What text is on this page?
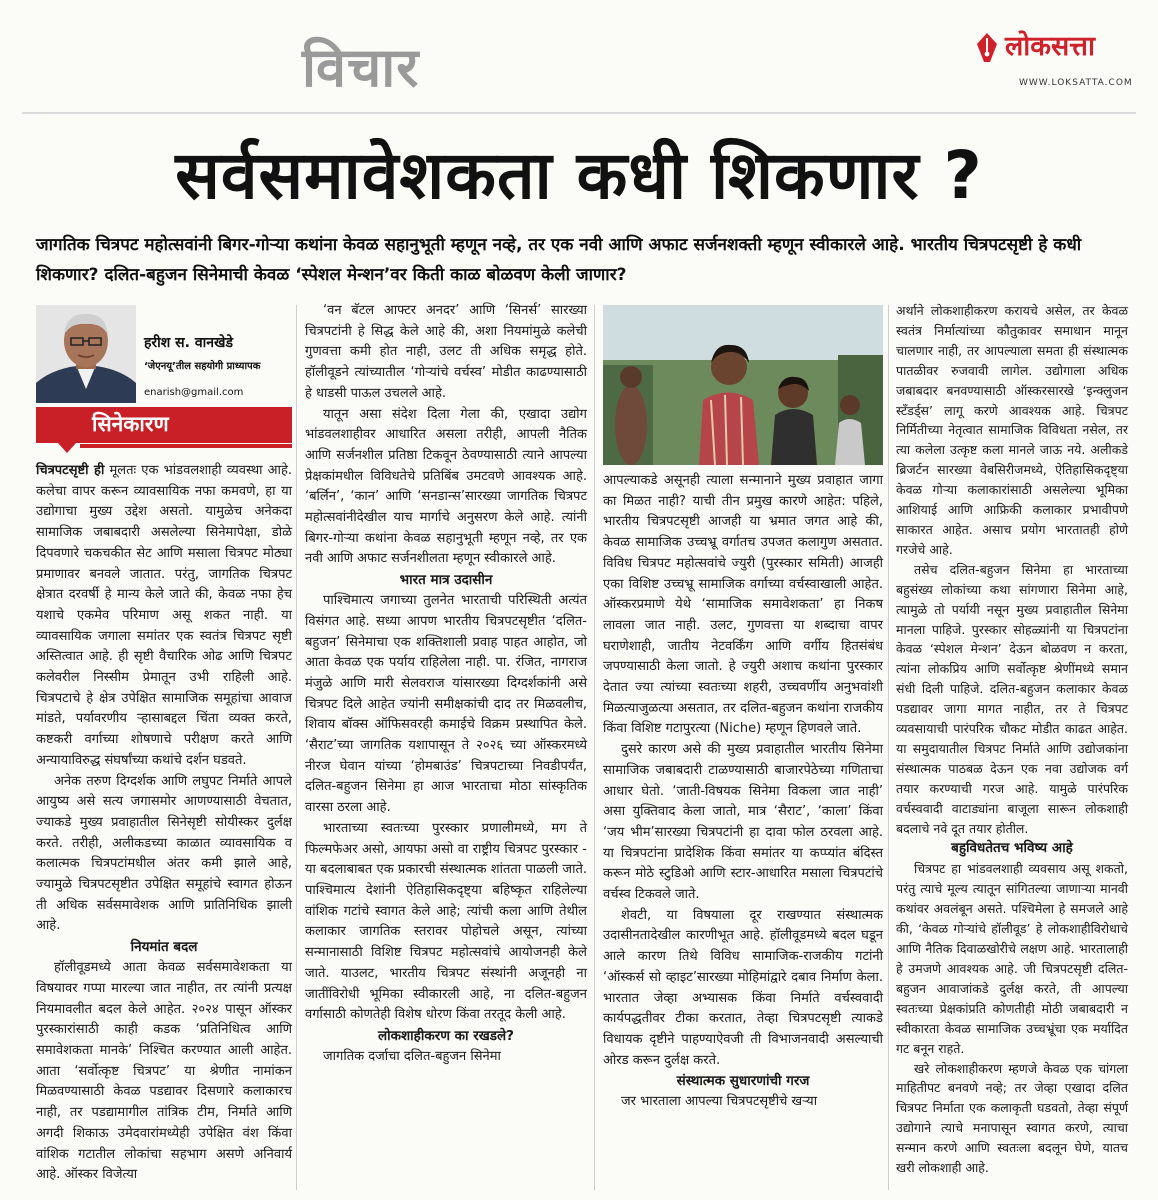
विचार	लोकसत्ता
WWW.LOKSATTA.COM
सर्वसमावेशकता कधी शिकणार ?
जागतिक चित्रपट महोत्सवांनी बिगर-गोऱ्या कथांना केवळ सहानुभूती म्हणून नव्हे, तर एक नवी आणि अफाट सर्जनशक्ती म्हणून स्वीकारले आहे. भारतीय चित्रपटसृष्टी हे कधी शिकणार? दलित-बहुजन सिनेमाची केवळ ‘स्पेशल मेन्शन’वर किती काळ बोळवण केली जाणार?
हरीश स. वानखेडे
‘जेएनयू’तील सहयोगी प्राध्यापक
enarish@gmail.com
सिनेकारण

चित्रपटसृष्टी ही मूलतः एक भांडवलशाही व्यवस्था आहे. कलेचा वापर करून व्यावसायिक नफा कमवणे, हा या उद्योगाचा मुख्य उद्देश असतो. यामुळेच अनेकदा सामाजिक जबाबदारी असलेल्या सिनेमापेक्षा, डोळे दिपवणारे चकचकीत सेट आणि मसाला चित्रपट मोठ्या प्रमाणावर बनवले जातात. परंतु, जागतिक चित्रपट क्षेत्रात दरवर्षी हे मान्य केले जाते की, केवळ नफा हेच यशाचे एकमेव परिमाण असू शकत नाही. या व्यावसायिक जगाला समांतर एक स्वतंत्र चित्रपट सृष्टी अस्तित्वात आहे. ही सृष्टी वैचारिक ओढ आणि चित्रपट कलेवरील निस्सीम प्रेमातून उभी राहिली आहे. चित्रपटाचे हे क्षेत्र उपेक्षित सामाजिक समूहांचा आवाज मांडते, पर्यावरणीय ऱ्हासाबद्दल चिंता व्यक्त करते, कष्टकरी वर्गाच्या शोषणाचे परीक्षण करते आणि अन्यायाविरुद्ध संघर्षांच्या कथांचे दर्शन घडवते.

अनेक तरुण दिग्दर्शक आणि लघुपट निर्माते आपले आयुष्य असे सत्य जगासमोर आणण्यासाठी वेचतात, ज्याकडे मुख्य प्रवाहातील सिनेसृष्टी सोयीस्कर दुर्लक्ष करते. तरीही, अलीकडच्या काळात व्यावसायिक व कलात्मक चित्रपटांमधील अंतर कमी झाले आहे, ज्यामुळे चित्रपटसृष्टीत उपेक्षित समूहांचे स्वागत होऊन ती अधिक सर्वसमावेशक आणि प्रातिनिधिक झाली आहे.

नियमांत बदल

हॉलीवूडमध्ये आता केवळ सर्वसमावेशकता या विषयावर गप्पा मारल्या जात नाहीत, तर त्यांनी प्रत्यक्ष नियमावलीत बदल केले आहेत. २०२४ पासून ऑस्कर पुरस्कारांसाठी काही कडक ‘प्रतिनिधित्व आणि समावेशकता मानके’ निश्चित करण्यात आली आहेत. आता ‘सर्वोत्कृष्ट चित्रपट’ या श्रेणीत नामांकन मिळवण्यासाठी केवळ पडद्यावर दिसणारे कलाकारच नाही, तर पडद्यामागील तांत्रिक टीम, निर्माते आणि अगदी शिकाऊ उमेदवारांमध्येही उपेक्षित वंश किंवा वांशिक गटातील लोकांचा सहभाग असणे अनिवार्य आहे. ऑस्कर विजेत्या

‘वन बॅटल आफ्टर अनदर’ आणि ‘सिनर्स’ सारख्या चित्रपटांनी हे सिद्ध केले आहे की, अशा नियमांमुळे कलेची गुणवत्ता कमी होत नाही, उलट ती अधिक समृद्ध होते. हॉलीवूडने त्यांच्यातील ‘गोऱ्यांचे वर्चस्व’ मोडीत काढण्यासाठी हे धाडसी पाऊल उचलले आहे.

यातून असा संदेश दिला गेला की, एखादा उद्योग भांडवलशाहीवर आधारित असला तरीही, आपली नैतिक आणि सर्जनशील प्रतिष्ठा टिकवून ठेवण्यासाठी त्याने आपल्या प्रेक्षकांमधील विविधतेचे प्रतिबिंब उमटवणे आवश्यक आहे. ‘बर्लिन’, ‘कान’ आणि ‘सनडान्स’सारख्या जागतिक चित्रपट महोत्सवांनीदेखील याच मार्गाचे अनुसरण केले आहे. त्यांनी बिगर-गोऱ्या कथांना केवळ सहानुभूती म्हणून नव्हे, तर एक नवी आणि अफाट सर्जनशीलता म्हणून स्वीकारले आहे.

भारत मात्र उदासीन

पाश्चिमात्य जगाच्या तुलनेत भारताची परिस्थिती अत्यंत विसंगत आहे. सध्या आपण भारतीय चित्रपटसृष्टीत ‘दलित-बहुजन’ सिनेमाचा एक शक्तिशाली प्रवाह पाहत आहोत, जो आता केवळ एक पर्याय राहिलेला नाही. पा. रंजित, नागराज मंजुळे आणि मारी सेलवराज यांसारख्या दिग्दर्शकांनी असे चित्रपट दिले आहेत ज्यांनी समीक्षकांची दाद तर मिळवलीच, शिवाय बॉक्स ऑफिसवरही कमाईचे विक्रम प्रस्थापित केले. ‘सैराट’च्या जागतिक यशापासून ते २०२६ च्या ऑस्करमध्ये नीरज घेवान यांच्या ‘होमबाउंड’ चित्रपटाच्या निवडीपर्यंत, दलित-बहुजन सिनेमा हा आज भारताचा मोठा सांस्कृतिक वारसा ठरला आहे.

भारताच्या स्वतःच्या पुरस्कार प्रणालीमध्ये, मग ते फिल्मफेअर असो, आयफा असो वा राष्ट्रीय चित्रपट पुरस्कार - या बदलाबाबत एक प्रकारची संस्थात्मक शांतता पाळली जाते. पाश्चिमात्य देशांनी ऐतिहासिकदृष्ट्या बहिष्कृत राहिलेल्या वांशिक गटांचे स्वागत केले आहे; त्यांची कला आणि तेथील कलाकार जागतिक स्तरावर पोहोचले असून, त्यांच्या सन्मानासाठी विशिष्ट चित्रपट महोत्सवांचे आयोजनही केले जाते. याउलट, भारतीय चित्रपट संस्थांनी अजूनही ना जातींविरोधी भूमिका स्वीकारली आहे, ना दलित-बहुजन वर्गासाठी कोणतेही विशेष धोरण किंवा तरतूद केली आहे.

लोकशाहीकरण का रखडले?

जागतिक दर्जाचा दलित-बहुजन सिनेमा

आपल्याकडे असूनही त्याला सन्मानाने मुख्य प्रवाहात जागा का मिळत नाही? याची तीन प्रमुख कारणे आहेत: पहिले, भारतीय चित्रपटसृष्टी आजही या भ्रमात जगत आहे की, केवळ सामाजिक उच्चभ्रू वर्गातच उपजत कलागुण असतात. विविध चित्रपट महोत्सवांचे ज्युरी (पुरस्कार समिती) आजही एका विशिष्ट उच्चभ्रू सामाजिक वर्गाच्या वर्चस्वाखाली आहेत. ऑस्करप्रमाणे येथे ‘सामाजिक समावेशकता’ हा निकष लावला जात नाही. उलट, गुणवत्ता या शब्दाचा वापर घराणेशाही, जातीय नेटवर्किंग आणि वर्गीय हितसंबंध जपण्यासाठी केला जातो. हे ज्युरी अशाच कथांना पुरस्कार देतात ज्या त्यांच्या स्वतःच्या शहरी, उच्चवर्णीय अनुभवांशी मिळत्याजुळत्या असतात, तर दलित-बहुजन कथांना राजकीय किंवा विशिष्ट गटापुरत्या (Niche) म्हणून हिणवले जाते.

दुसरे कारण असे की मुख्य प्रवाहातील भारतीय सिनेमा सामाजिक जबाबदारी टाळण्यासाठी बाजारपेठेच्या गणिताचा आधार घेतो. ‘जाती-विषयक सिनेमा विकला जात नाही’ असा युक्तिवाद केला जातो, मात्र ‘सैराट’, ‘काला’ किंवा ‘जय भीम’सारख्या चित्रपटांनी हा दावा फोल ठरवला आहे. या चित्रपटांना प्रादेशिक किंवा समांतर या कप्प्यांत बंदिस्त करून मोठे स्टुडिओ आणि स्टार-आधारित मसाला चित्रपटांचे वर्चस्व टिकवले जाते.

शेवटी, या विषयाला दूर राखण्यात संस्थात्मक उदासीनतादेखील कारणीभूत आहे. हॉलीवूडमध्ये बदल घडून आले कारण तिथे विविध सामाजिक-राजकीय गटांनी ‘ऑस्कर्स सो व्हाइट’सारख्या मोहिमांद्वारे दबाव निर्माण केला. भारतात जेव्हा अभ्यासक किंवा निर्माते वर्चस्ववादी कार्यपद्धतीवर टीका करतात, तेव्हा चित्रपटसृष्टी त्याकडे विधायक दृष्टीने पाहण्याऐवजी ती विभाजनवादी असल्याची ओरड करून दुर्लक्ष करते.

संस्थात्मक सुधारणांची गरज

जर भारताला आपल्या चित्रपटसृष्टीचे खऱ्या

अर्थाने लोकशाहीकरण करायचे असेल, तर केवळ स्वतंत्र निर्मात्यांच्या कौतुकावर समाधान मानून चालणार नाही, तर आपल्याला समता ही संस्थात्मक पातळीवर रुजवावी लागेल. उद्योगाला अधिक जबाबदार बनवण्यासाठी ऑस्करसारखे ‘इन्क्लुजन स्टँडर्ड्स’ लागू करणे आवश्यक आहे. चित्रपट निर्मितीच्या नेतृत्वात सामाजिक विविधता नसेल, तर त्या कलेला उत्कृष्ट कला मानले जाऊ नये. अलीकडे ब्रिजर्टन सारख्या वेबसिरीजमध्ये, ऐतिहासिकदृष्ट्या केवळ गोऱ्या कलाकारांसाठी असलेल्या भूमिका आशियाई आणि आफ्रिकी कलाकार प्रभावीपणे साकारत आहेत. असाच प्रयोग भारतातही होणे गरजेचे आहे.

तसेच दलित-बहुजन सिनेमा हा भारताच्या बहुसंख्य लोकांच्या कथा सांगणारा सिनेमा आहे, त्यामुळे तो पर्यायी नसून मुख्य प्रवाहातील सिनेमा मानला पाहिजे. पुरस्कार सोहळ्यांनी या चित्रपटांना केवळ ‘स्पेशल मेन्शन’ देऊन बोळवण न करता, त्यांना लोकप्रिय आणि सर्वोत्कृष्ट श्रेणींमध्ये समान संधी दिली पाहिजे. दलित-बहुजन कलाकार केवळ पडद्यावर जागा मागत नाहीत, तर ते चित्रपट व्यवसायाची पारंपरिक चौकट मोडीत काढत आहेत. या समुदायातील चित्रपट निर्माते आणि उद्योजकांना संस्थात्मक पाठबळ देऊन एक नवा उद्योजक वर्ग तयार करण्याची गरज आहे. यामुळे पारंपरिक वर्चस्ववादी वाटाड्यांना बाजूला सारून लोकशाही बदलाचे नवे दूत तयार होतील.

बहुविधतेतच भविष्य आहे

चित्रपट हा भांडवलशाही व्यवसाय असू शकतो, परंतु त्याचे मूल्य त्यातून सांगितल्या जाणाऱ्या मानवी कथांवर अवलंबून असते. पश्चिमेला हे समजले आहे की, ‘केवळ गोऱ्यांचे हॉलीवूड’ हे लोकशाहीविरोधाचे आणि नैतिक दिवाळखोरीचे लक्षण आहे. भारतालाही हे उमजणे आवश्यक आहे. जी चित्रपटसृष्टी दलित-बहुजन आवाजांकडे दुर्लक्ष करते, ती आपल्या स्वतःच्या प्रेक्षकांप्रति कोणतीही मोठी जबाबदारी न स्वीकारता केवळ सामाजिक उच्चभ्रूंचा एक मर्यादित गट बनून राहते.

खरे लोकशाहीकरण म्हणजे केवळ एक चांगला माहितीपट बनवणे नव्हे; तर जेव्हा एखादा दलित चित्रपट निर्माता एक कलाकृती घडवतो, तेव्हा संपूर्ण उद्योगाने त्याचे मनापासून स्वागत करणे, त्याचा सन्मान करणे आणि स्वतःला बदलून घेणे, यातच खरी लोकशाही आहे.
